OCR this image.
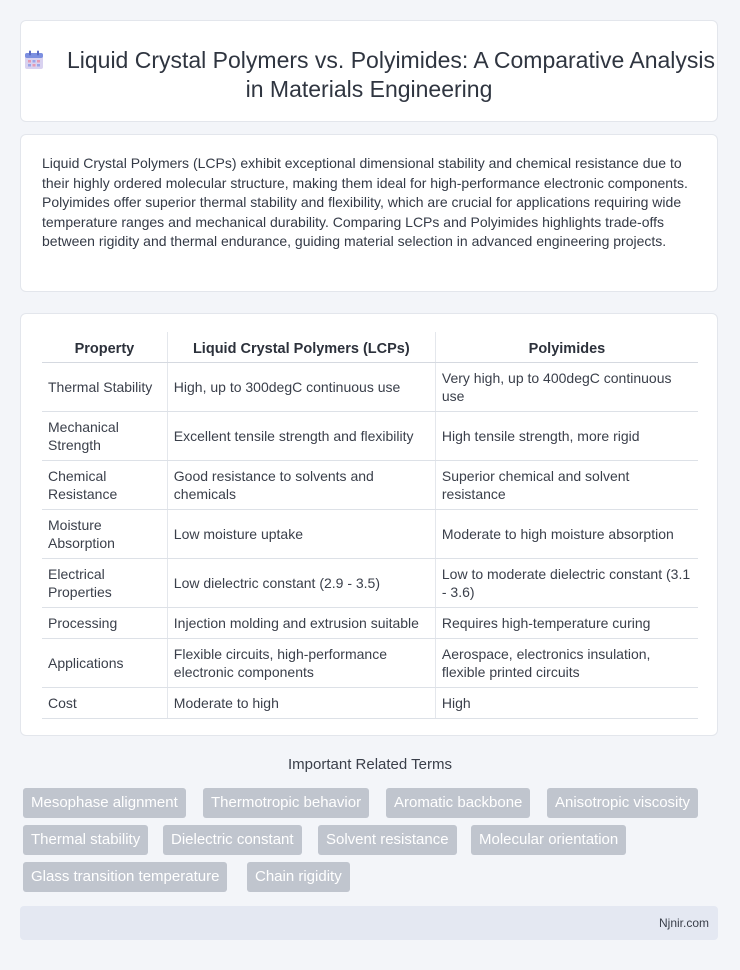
Liquid Crystal Polymers vs. Polyimides: A Comparative Analysis in Materials Engineering

Liquid Crystal Polymers (LCPs) exhibit exceptional dimensional stability and chemical resistance due to their highly ordered molecular structure, making them ideal for high-performance electronic components. Polyimides offer superior thermal stability and flexibility, which are crucial for applications requiring wide temperature ranges and mechanical durability. Comparing LCPs and Polyimides highlights trade-offs between rigidity and thermal endurance, guiding material selection in advanced engineering projects.

Property	Liquid Crystal Polymers (LCPs)	Polyimides
Thermal Stability	High, up to 300degC continuous use	Very high, up to 400degC continuous use
Mechanical Strength	Excellent tensile strength and flexibility	High tensile strength, more rigid
Chemical Resistance	Good resistance to solvents and chemicals	Superior chemical and solvent resistance
Moisture Absorption	Low moisture uptake	Moderate to high moisture absorption
Electrical Properties	Low dielectric constant (2.9 - 3.5)	Low to moderate dielectric constant (3.1 - 3.6)
Processing	Injection molding and extrusion suitable	Requires high-temperature curing
Applications	Flexible circuits, high-performance electronic components	Aerospace, electronics insulation, flexible printed circuits
Cost	Moderate to high	High
Important Related Terms
Mesophase alignment	Thermotropic behavior	Aromatic backbone	Anisotropic viscosity
Thermal stability	Dielectric constant	Solvent resistance	Molecular orientation
Glass transition temperature	Chain rigidity
Njnir.com
